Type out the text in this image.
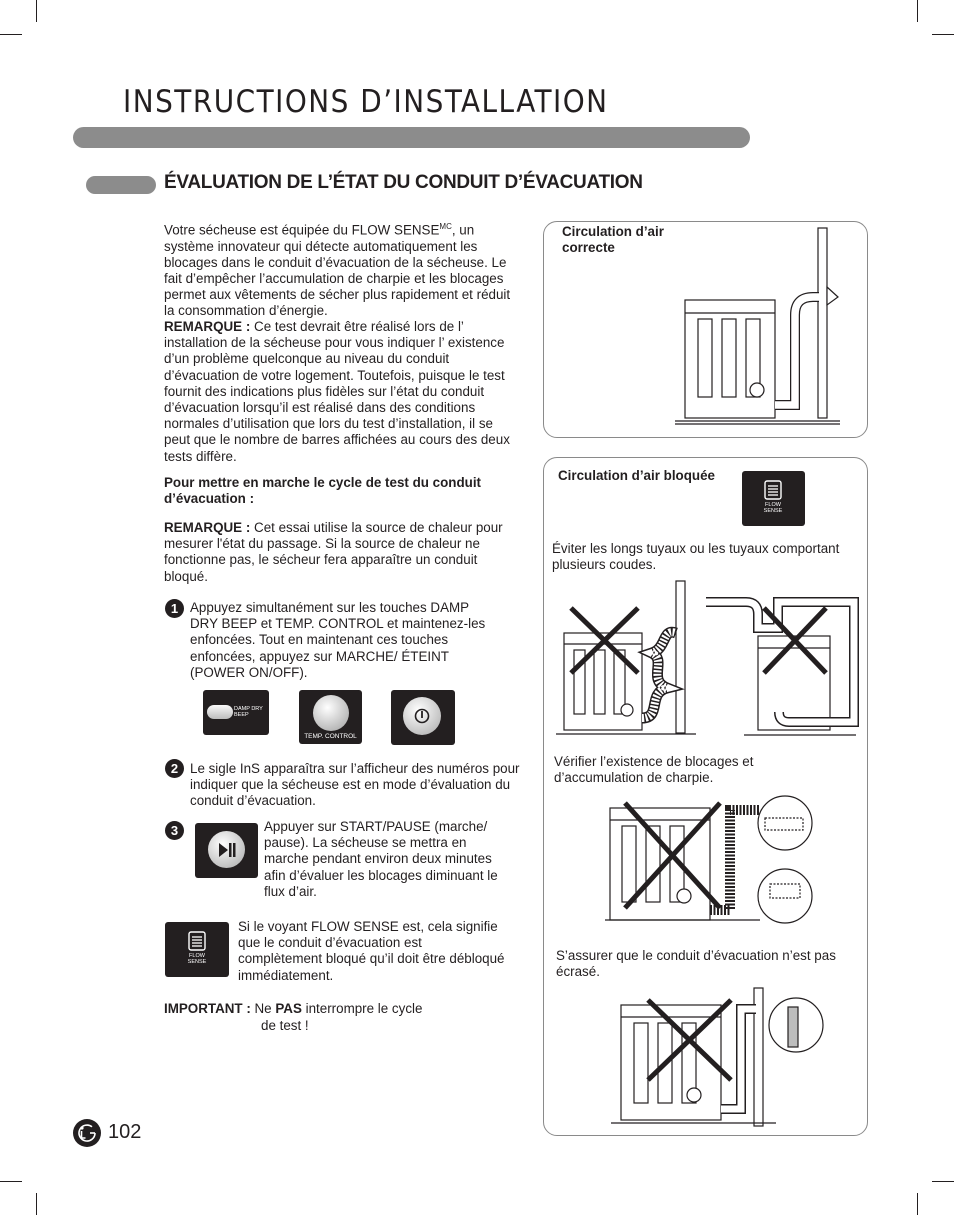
INSTRUCTIONS D’INSTALLATION
ÉVALUATION DE L’ÉTAT DU CONDUIT D’ÉVACUATION
Votre sécheuse est équipée du FLOW $SENSE^{MC}$, un système innovateur qui détecte automatiquement les blocages dans le conduit d’évacuation de la sécheuse. Le fait d’empêcher l’accumulation de charpie et les blocages permet aux vêtements de sécher plus rapidement et réduit la consommation d’énergie.
REMARQUE : Ce test devrait être réalisé lors de l’ installation de la sécheuse pour vous indiquer l’ existence d’un problème quelconque au niveau du conduit d’évacuation de votre logement. Toutefois, puisque le test fournit des indications plus fidèles sur l’état du conduit d’évacuation lorsqu’il est réalisé dans des conditions normales d’utilisation que lors du test d’installation, il se peut que le nombre de barres affichées au cours des deux tests diffère.
Pour mettre en marche le cycle de test du conduit d’évacuation :
REMARQUE : Cet essai utilise la source de chaleur pour mesurer l'état du passage. Si la source de chaleur ne fonctionne pas, le sécheur fera apparaître un conduit bloqué.
1 Appuyez simultanément sur les touches DAMP DRY BEEP et TEMP. CONTROL et maintenez-les enfoncées. Tout en maintenant ces touches enfoncées, appuyez sur MARCHE/ ÉTEINT (POWER ON/OFF).
DAMP DRY BEEP
TEMP. CONTROL
2 Le sigle InS apparaîtra sur l’afficheur des numéros pour indiquer que la sécheuse est en mode d’évaluation du conduit d’évacuation.
3	Appuyer sur START/PAUSE (marche/ pause). La sécheuse se mettra en marche pendant environ deux minutes afin d’évaluer les blocages diminuant le flux d’air.
FLOW SENSE
Si le voyant FLOW SENSE est, cela signifie que le conduit d’évacuation est complètement bloqué qu’il doit être débloqué immédiatement.
IMPORTANT : Ne PAS interrompre le cycle
de test !
102
Circulation d’air correcte
Circulation d’air bloquée
FLOW SENSE
Éviter les longs tuyaux ou les tuyaux comportant plusieurs coudes.
Vérifier l’existence de blocages et d’accumulation de charpie.
S’assurer que le conduit d’évacuation n’est pas écrasé.
